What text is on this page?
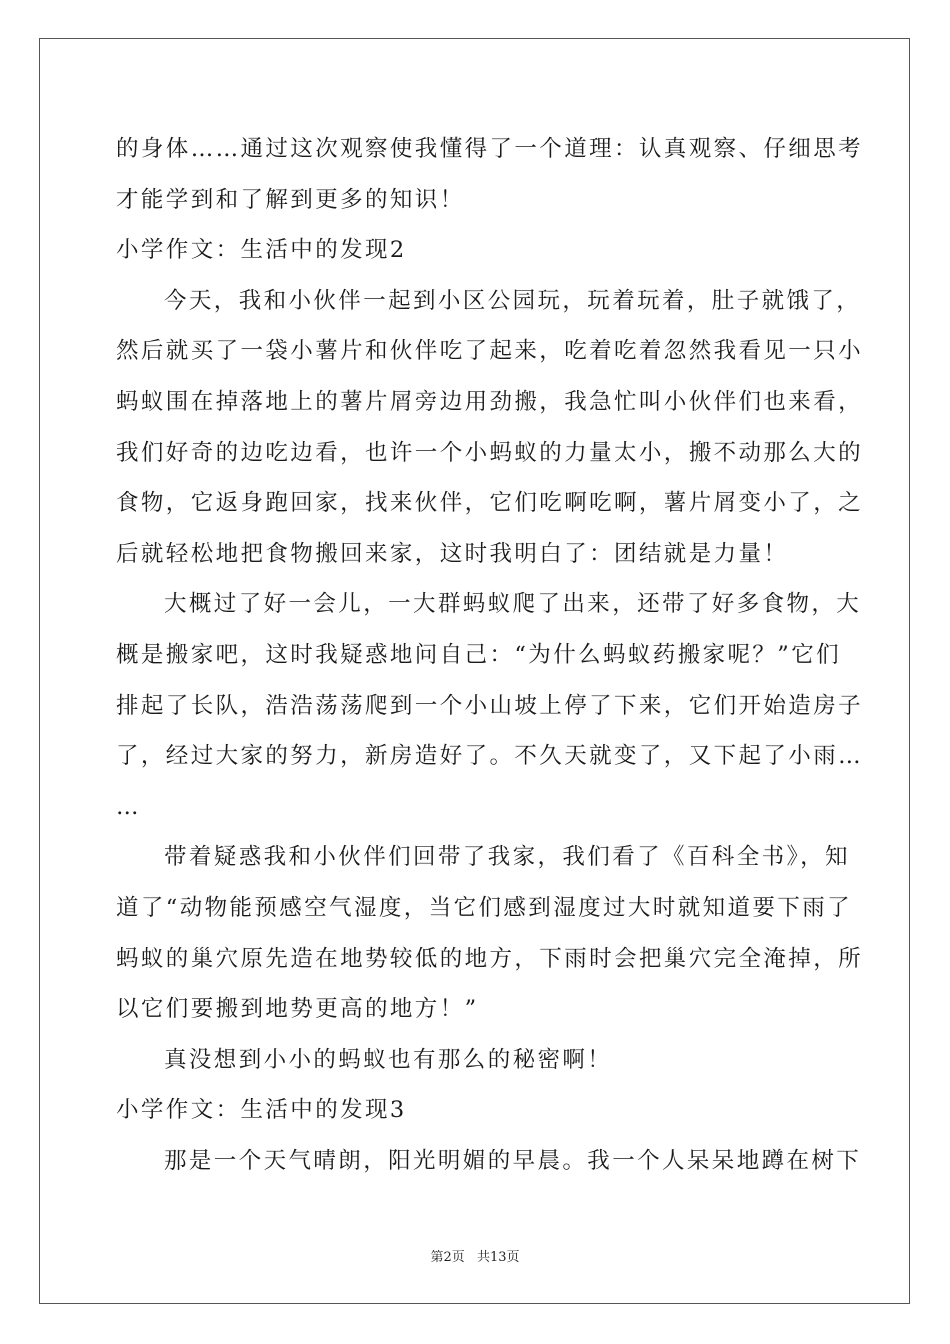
的身体……通过这次观察使我懂得了一个道理：认真观察、仔细思考
才能学到和了解到更多的知识！
小学作文：生活中的发现2
今天，我和小伙伴一起到小区公园玩，玩着玩着，肚子就饿了，
然后就买了一袋小薯片和伙伴吃了起来，吃着吃着忽然我看见一只小
蚂蚁围在掉落地上的薯片屑旁边用劲搬，我急忙叫小伙伴们也来看，
我们好奇的边吃边看，也许一个小蚂蚁的力量太小，搬不动那么大的
食物，它返身跑回家，找来伙伴，它们吃啊吃啊，薯片屑变小了，之
后就轻松地把食物搬回来家，这时我明白了：团结就是力量！
大概过了好一会儿，一大群蚂蚁爬了出来，还带了好多食物，大
概是搬家吧，这时我疑惑地问自己：“为什么蚂蚁药搬家呢？”它们
排起了长队，浩浩荡荡爬到一个小山坡上停了下来，它们开始造房子
了，经过大家的努力，新房造好了。不久天就变了，又下起了小雨…
…
带着疑惑我和小伙伴们回带了我家，我们看了《百科全书》，知
道了“动物能预感空气湿度，当它们感到湿度过大时就知道要下雨了
蚂蚁的巢穴原先造在地势较低的地方，下雨时会把巢穴完全淹掉，所
以它们要搬到地势更高的地方！”
真没想到小小的蚂蚁也有那么的秘密啊！
小学作文：生活中的发现3
那是一个天气晴朗，阳光明媚的早晨。我一个人呆呆地蹲在树下
第2页 共13页
